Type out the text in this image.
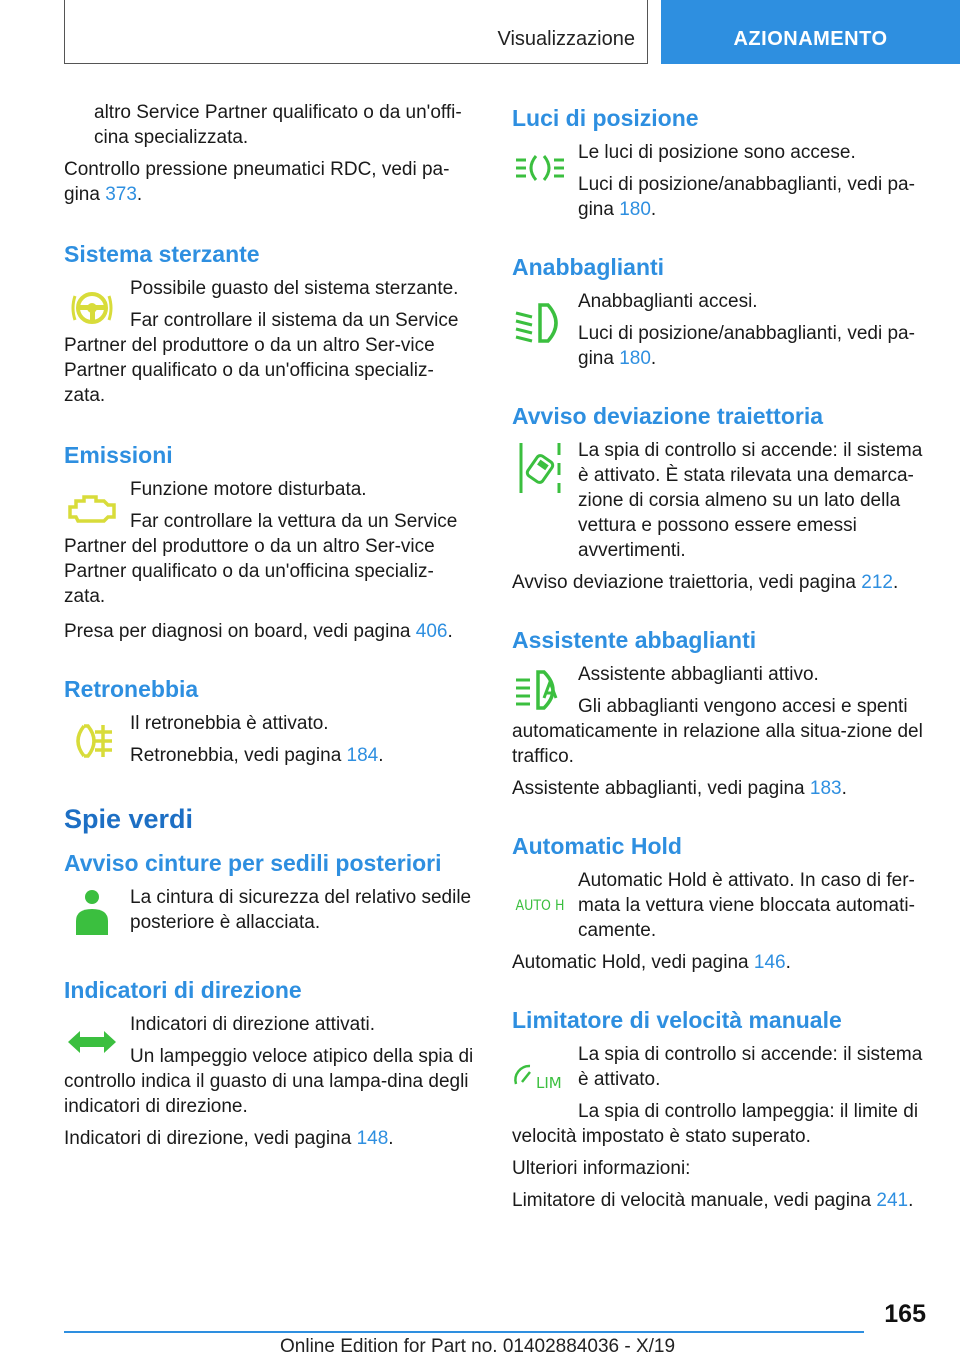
Visualizzazione	AZIONAMENTO

altro Service Partner qualificato o da un'offi-cina specializzata.

Controllo pressione pneumatici RDC, vedi pa-gina 373.

Sistema sterzante

Possibile guasto del sistema sterzante.

Far controllare il sistema da un Service Partner del produttore o da un altro Ser-vice Partner qualificato o da un'officina specializ-zata.

Emissioni

Funzione motore disturbata.

Far controllare la vettura da un Service Partner del produttore o da un altro Ser-vice Partner qualificato o da un'officina specializ-zata.

Presa per diagnosi on board, vedi pagina 406.

Retronebbia

Il retronebbia è attivato.

Retronebbia, vedi pagina 184.

Spie verdi
Avviso cinture per sedili posteriori

La cintura di sicurezza del relativo sedile posteriore è allacciata.

Indicatori di direzione

Indicatori di direzione attivati.

Un lampeggio veloce atipico della spia di controllo indica il guasto di una lampa-dina degli indicatori di direzione.

Indicatori di direzione, vedi pagina 148.

Luci di posizione

Le luci di posizione sono accese.

Luci di posizione/anabbaglianti, vedi pa-gina 180.

Anabbaglianti

Anabbaglianti accesi.

Luci di posizione/anabbaglianti, vedi pa-gina 180.

Avviso deviazione traiettoria

La spia di controllo si accende: il sistema è attivato. È stata rilevata una demarca-zione di corsia almeno su un lato della vettura e possono essere emessi avvertimenti.

Avviso deviazione traiettoria, vedi pagina 212.

Assistente abbaglianti

Assistente abbaglianti attivo.

Gli abbaglianti vengono accesi e spenti automaticamente in relazione alla situa-zione del traffico.

Assistente abbaglianti, vedi pagina 183.

Automatic Hold
AUTO H

Automatic Hold è attivato. In caso di fer-mata la vettura viene bloccata automati-camente.

Automatic Hold, vedi pagina 146.

Limitatore di velocità manuale
LIM

La spia di controllo si accende: il sistema è attivato.

La spia di controllo lampeggia: il limite di velocità impostato è stato superato.

Ulteriori informazioni:

Limitatore di velocità manuale, vedi pagina 241.

165
Online Edition for Part no. 01402884036 - X/19
